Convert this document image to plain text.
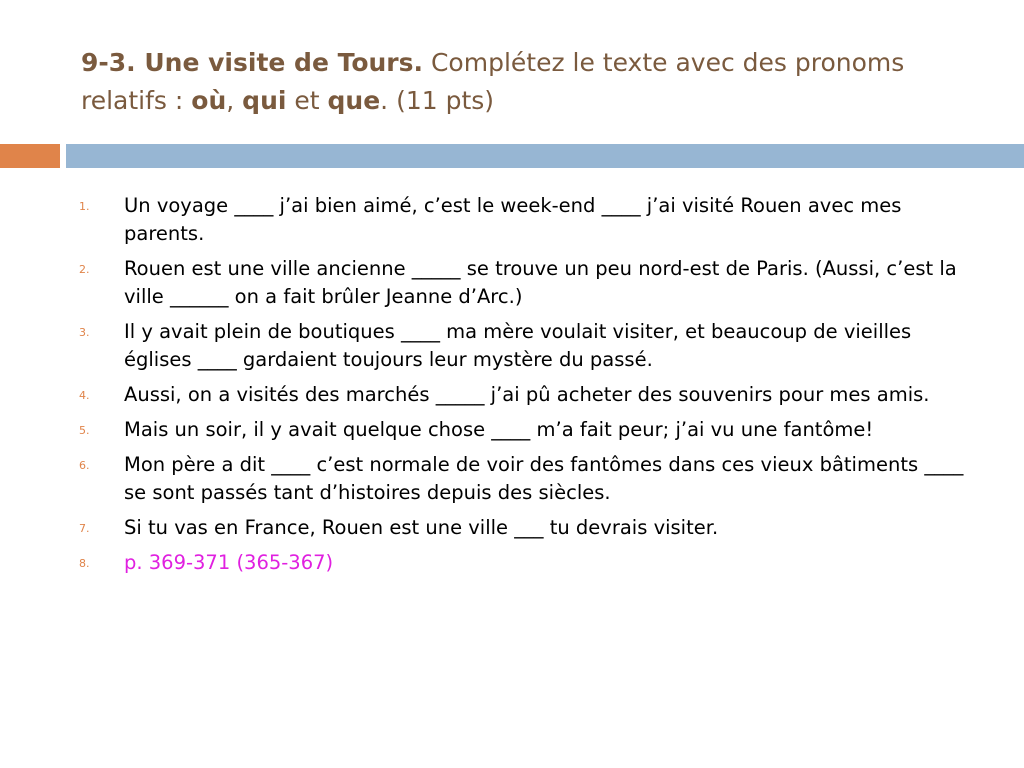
9-3. Une visite de Tours. Complétez le texte avec des pronoms relatifs : où, qui et que. (11 pts)
1. Un voyage ____ j’ai bien aimé, c’est le week-end ____ j’ai visité Rouen avec mes parents.
2. Rouen est une ville ancienne _____ se trouve un peu nord-est de Paris. (Aussi, c’est la ville ______ on a fait brûler Jeanne d’Arc.)
3. Il y avait plein de boutiques ____ ma mère voulait visiter, et beaucoup de vieilles églises ____ gardaient toujours leur mystère du passé.
4. Aussi, on a visités des marchés _____ j’ai pû acheter des souvenirs pour mes amis.
5. Mais un soir, il y avait quelque chose ____ m’a fait peur; j’ai vu une fantôme!
6. Mon père a dit ____ c’est normale de voir des fantômes dans ces vieux bâtiments ____ se sont passés tant d’histoires depuis des siècles.
7. Si tu vas en France, Rouen est une ville ___ tu devrais visiter.
8. p. 369-371 (365-367)
